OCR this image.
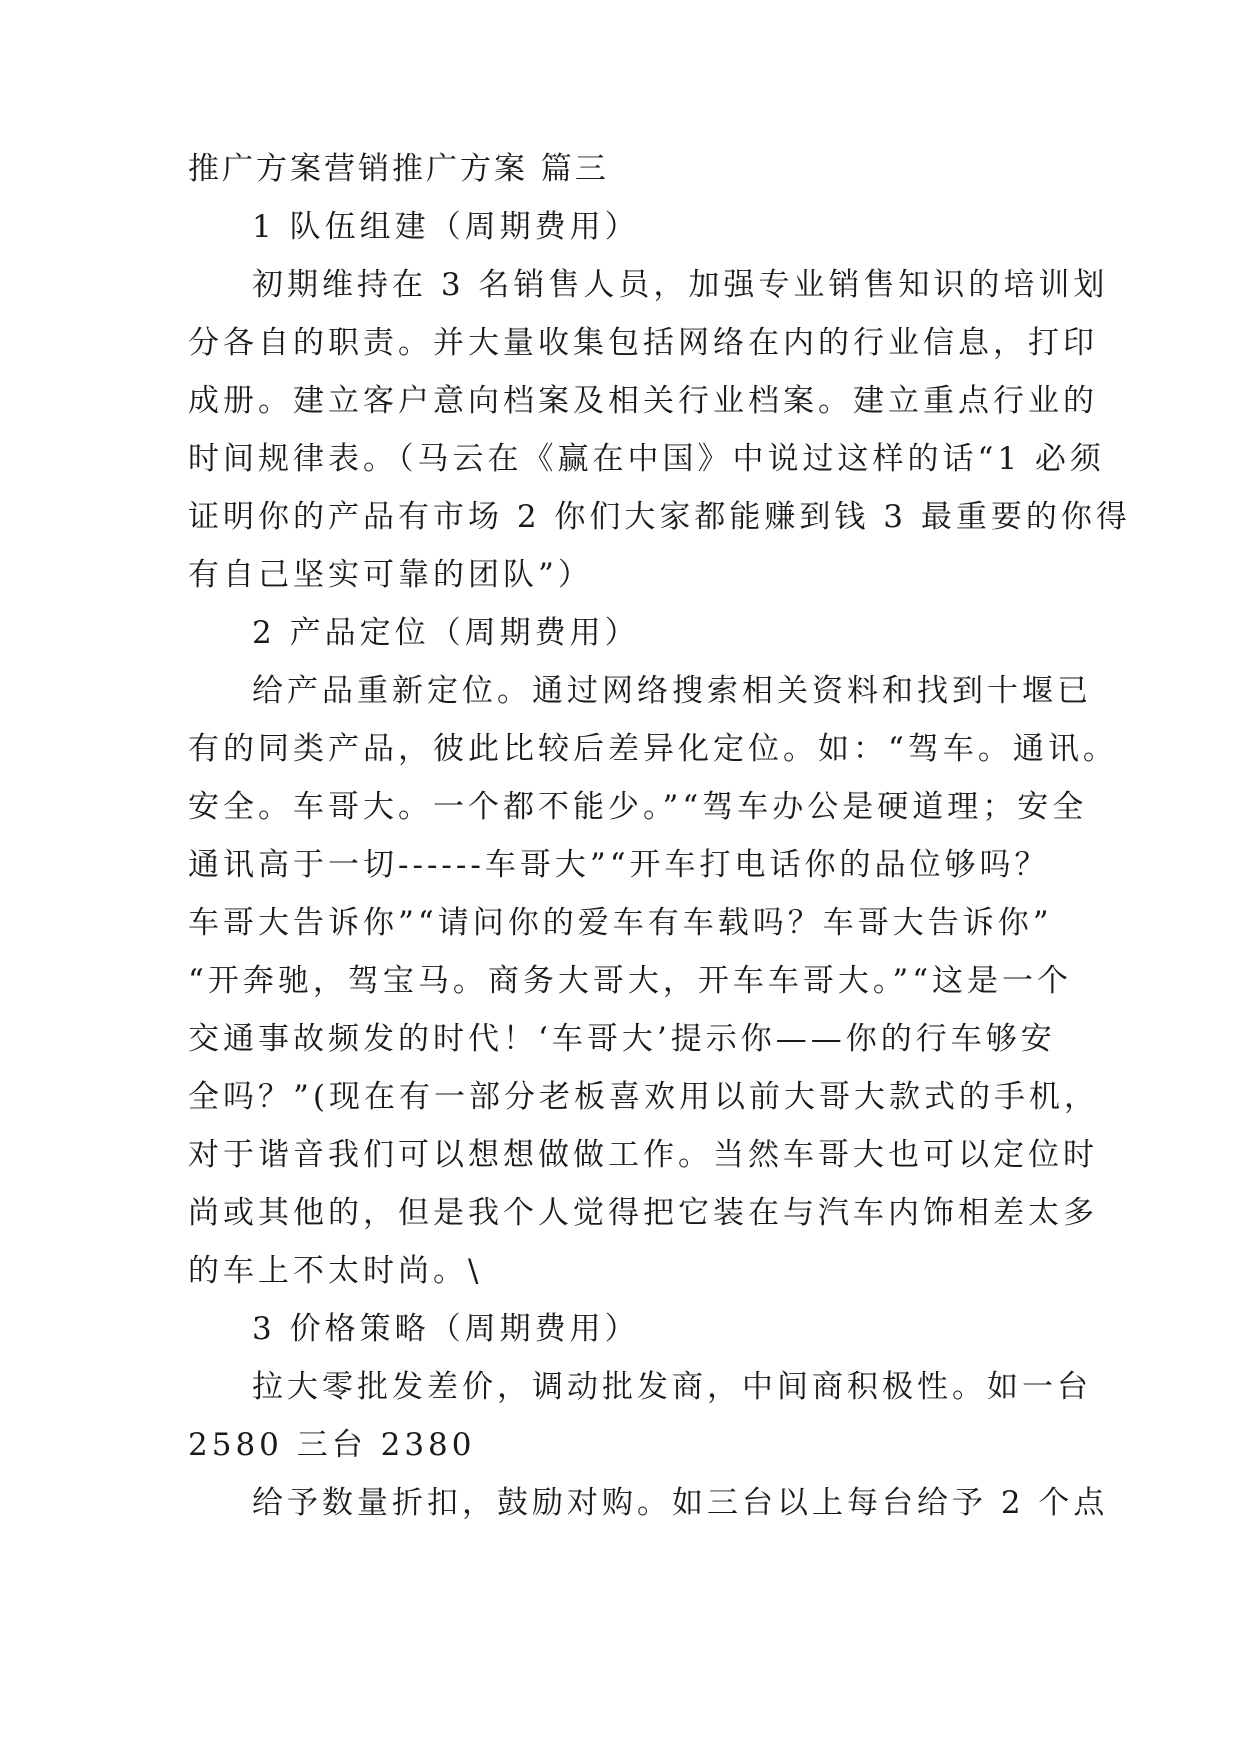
推广方案营销推广方案 篇三
1 队伍组建（周期费用）
初期维持在 3 名销售人员，加强专业销售知识的培训划
分各自的职责。并大量收集包括网络在内的行业信息，打印
成册。建立客户意向档案及相关行业档案。建立重点行业的
时间规律表。（马云在《赢在中国》中说过这样的话“1 必须
证明你的产品有市场 2 你们大家都能赚到钱 3 最重要的你得
有自己坚实可靠的团队”）
2 产品定位（周期费用）
给产品重新定位。通过网络搜索相关资料和找到十堰已
有的同类产品，彼此比较后差异化定位。如：“驾车。通讯。
安全。车哥大。一个都不能少。”“驾车办公是硬道理；安全
通讯高于一切------车哥大”“开车打电话你的品位够吗？
车哥大告诉你”“请问你的爱车有车载吗？车哥大告诉你”
“开奔驰，驾宝马。商务大哥大，开车车哥大。”“这是一个
交通事故频发的时代！‘车哥大’提示你——你的行车够安
全吗？”(现在有一部分老板喜欢用以前大哥大款式的手机，
对于谐音我们可以想想做做工作。当然车哥大也可以定位时
尚或其他的，但是我个人觉得把它装在与汽车内饰相差太多
的车上不太时尚。\
3 价格策略（周期费用）
拉大零批发差价，调动批发商，中间商积极性。如一台
2580 三台 2380
给予数量折扣，鼓励对购。如三台以上每台给予 2 个点
